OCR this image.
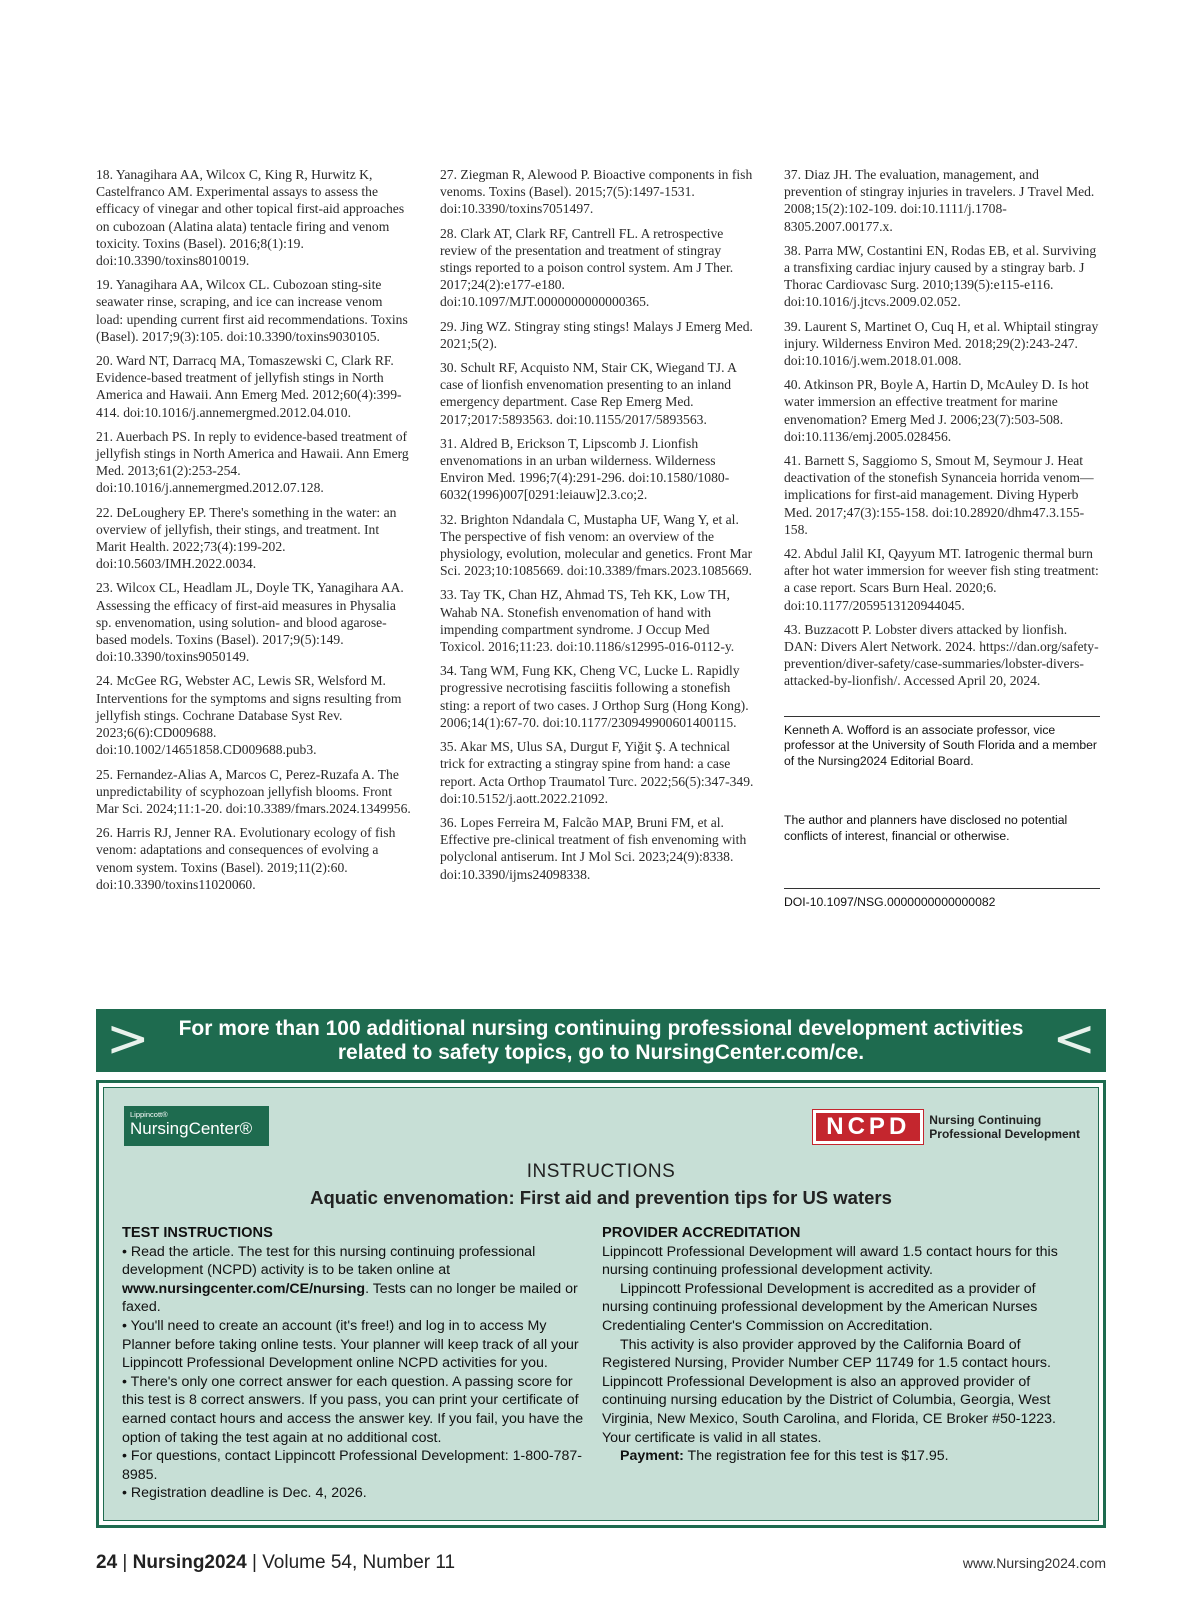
18. Yanagihara AA, Wilcox C, King R, Hurwitz K, Castelfranco AM. Experimental assays to assess the efficacy of vinegar and other topical first-aid approaches on cubozoan (Alatina alata) tentacle firing and venom toxicity. Toxins (Basel). 2016;8(1):19. doi:10.3390/toxins8010019.

19. Yanagihara AA, Wilcox CL. Cubozoan sting-site seawater rinse, scraping, and ice can increase venom load: upending current first aid recommendations. Toxins (Basel). 2017;9(3):105. doi:10.3390/toxins9030105.

20. Ward NT, Darracq MA, Tomaszewski C, Clark RF. Evidence-based treatment of jellyfish stings in North America and Hawaii. Ann Emerg Med. 2012;60(4):399-414. doi:10.1016/j.annemergmed.2012.04.010.

21. Auerbach PS. In reply to evidence-based treatment of jellyfish stings in North America and Hawaii. Ann Emerg Med. 2013;61(2):253-254. doi:10.1016/j.annemergmed.2012.07.128.

22. DeLoughery EP. There's something in the water: an overview of jellyfish, their stings, and treatment. Int Marit Health. 2022;73(4):199-202. doi:10.5603/IMH.2022.0034.

23. Wilcox CL, Headlam JL, Doyle TK, Yanagihara AA. Assessing the efficacy of first-aid measures in Physalia sp. envenomation, using solution- and blood agarose-based models. Toxins (Basel). 2017;9(5):149. doi:10.3390/toxins9050149.

24. McGee RG, Webster AC, Lewis SR, Welsford M. Interventions for the symptoms and signs resulting from jellyfish stings. Cochrane Database Syst Rev. 2023;6(6):CD009688. doi:10.1002/14651858.CD009688.pub3.

25. Fernandez-Alias A, Marcos C, Perez-Ruzafa A. The unpredictability of scyphozoan jellyfish blooms. Front Mar Sci. 2024;11:1-20. doi:10.3389/fmars.2024.1349956.

26. Harris RJ, Jenner RA. Evolutionary ecology of fish venom: adaptations and consequences of evolving a venom system. Toxins (Basel). 2019;11(2):60. doi:10.3390/toxins11020060.

27. Ziegman R, Alewood P. Bioactive components in fish venoms. Toxins (Basel). 2015;7(5):1497-1531. doi:10.3390/toxins7051497.

28. Clark AT, Clark RF, Cantrell FL. A retrospective review of the presentation and treatment of stingray stings reported to a poison control system. Am J Ther. 2017;24(2):e177-e180. doi:10.1097/MJT.0000000000000365.

29. Jing WZ. Stingray sting stings! Malays J Emerg Med. 2021;5(2).

30. Schult RF, Acquisto NM, Stair CK, Wiegand TJ. A case of lionfish envenomation presenting to an inland emergency department. Case Rep Emerg Med. 2017;2017:5893563. doi:10.1155/2017/5893563.

31. Aldred B, Erickson T, Lipscomb J. Lionfish envenomations in an urban wilderness. Wilderness Environ Med. 1996;7(4):291-296. doi:10.1580/1080-6032(1996)007[0291:leiauw]2.3.co;2.

32. Brighton Ndandala C, Mustapha UF, Wang Y, et al. The perspective of fish venom: an overview of the physiology, evolution, molecular and genetics. Front Mar Sci. 2023;10:1085669. doi:10.3389/fmars.2023.1085669.

33. Tay TK, Chan HZ, Ahmad TS, Teh KK, Low TH, Wahab NA. Stonefish envenomation of hand with impending compartment syndrome. J Occup Med Toxicol. 2016;11:23. doi:10.1186/s12995-016-0112-y.

34. Tang WM, Fung KK, Cheng VC, Lucke L. Rapidly progressive necrotising fasciitis following a stonefish sting: a report of two cases. J Orthop Surg (Hong Kong). 2006;14(1):67-70. doi:10.1177/230949900601400115.

35. Akar MS, Ulus SA, Durgut F, Yiğit Ş. A technical trick for extracting a stingray spine from hand: a case report. Acta Orthop Traumatol Turc. 2022;56(5):347-349. doi:10.5152/j.aott.2022.21092.

36. Lopes Ferreira M, Falcão MAP, Bruni FM, et al. Effective pre-clinical treatment of fish envenoming with polyclonal antiserum. Int J Mol Sci. 2023;24(9):8338. doi:10.3390/ijms24098338.

37. Diaz JH. The evaluation, management, and prevention of stingray injuries in travelers. J Travel Med. 2008;15(2):102-109. doi:10.1111/j.1708-8305.2007.00177.x.

38. Parra MW, Costantini EN, Rodas EB, et al. Surviving a transfixing cardiac injury caused by a stingray barb. J Thorac Cardiovasc Surg. 2010;139(5):e115-e116. doi:10.1016/j.jtcvs.2009.02.052.

39. Laurent S, Martinet O, Cuq H, et al. Whiptail stingray injury. Wilderness Environ Med. 2018;29(2):243-247. doi:10.1016/j.wem.2018.01.008.

40. Atkinson PR, Boyle A, Hartin D, McAuley D. Is hot water immersion an effective treatment for marine envenomation? Emerg Med J. 2006;23(7):503-508. doi:10.1136/emj.2005.028456.

41. Barnett S, Saggiomo S, Smout M, Seymour J. Heat deactivation of the stonefish Synanceia horrida venom—implications for first-aid management. Diving Hyperb Med. 2017;47(3):155-158. doi:10.28920/dhm47.3.155-158.

42. Abdul Jalil KI, Qayyum MT. Iatrogenic thermal burn after hot water immersion for weever fish sting treatment: a case report. Scars Burn Heal. 2020;6. doi:10.1177/2059513120944045.

43. Buzzacott P. Lobster divers attacked by lionfish. DAN: Divers Alert Network. 2024. https://dan.org/safety-prevention/diver-safety/case-summaries/lobster-divers-attacked-by-lionfish/. Accessed April 20, 2024.

Kenneth A. Wofford is an associate professor, vice professor at the University of South Florida and a member of the Nursing2024 Editorial Board.

The author and planners have disclosed no potential conflicts of interest, financial or otherwise.

DOI-10.1097/NSG.0000000000000082

> For more than 100 additional nursing continuing professional development activities related to safety topics, go to NursingCenter.com/ce.	<
Lippincott®
NursingCenter®	NCPD	Nursing Continuing
Professional Development
INSTRUCTIONS
Aquatic envenomation: First aid and prevention tips for US waters

TEST INSTRUCTIONS

• Read the article. The test for this nursing continuing professional development (NCPD) activity is to be taken online at www.nursingcenter.com/CE/nursing. Tests can no longer be mailed or faxed.

• You'll need to create an account (it's free!) and log in to access My Planner before taking online tests. Your planner will keep track of all your Lippincott Professional Development online NCPD activities for you.

• There's only one correct answer for each question. A passing score for this test is 8 correct answers. If you pass, you can print your certificate of earned contact hours and access the answer key. If you fail, you have the option of taking the test again at no additional cost.

• For questions, contact Lippincott Professional Development: 1-800-787-8985.

• Registration deadline is Dec. 4, 2026.

PROVIDER ACCREDITATION

Lippincott Professional Development will award 1.5 contact hours for this nursing continuing professional development activity.

Lippincott Professional Development is accredited as a provider of nursing continuing professional development by the American Nurses Credentialing Center's Commission on Accreditation.

This activity is also provider approved by the California Board of Registered Nursing, Provider Number CEP 11749 for 1.5 contact hours. Lippincott Professional Development is also an approved provider of continuing nursing education by the District of Columbia, Georgia, West Virginia, New Mexico, South Carolina, and Florida, CE Broker #50-1223. Your certificate is valid in all states.

Payment: The registration fee for this test is $17.95.

24 | Nursing2024 | Volume 54, Number 11	www.Nursing2024.com
